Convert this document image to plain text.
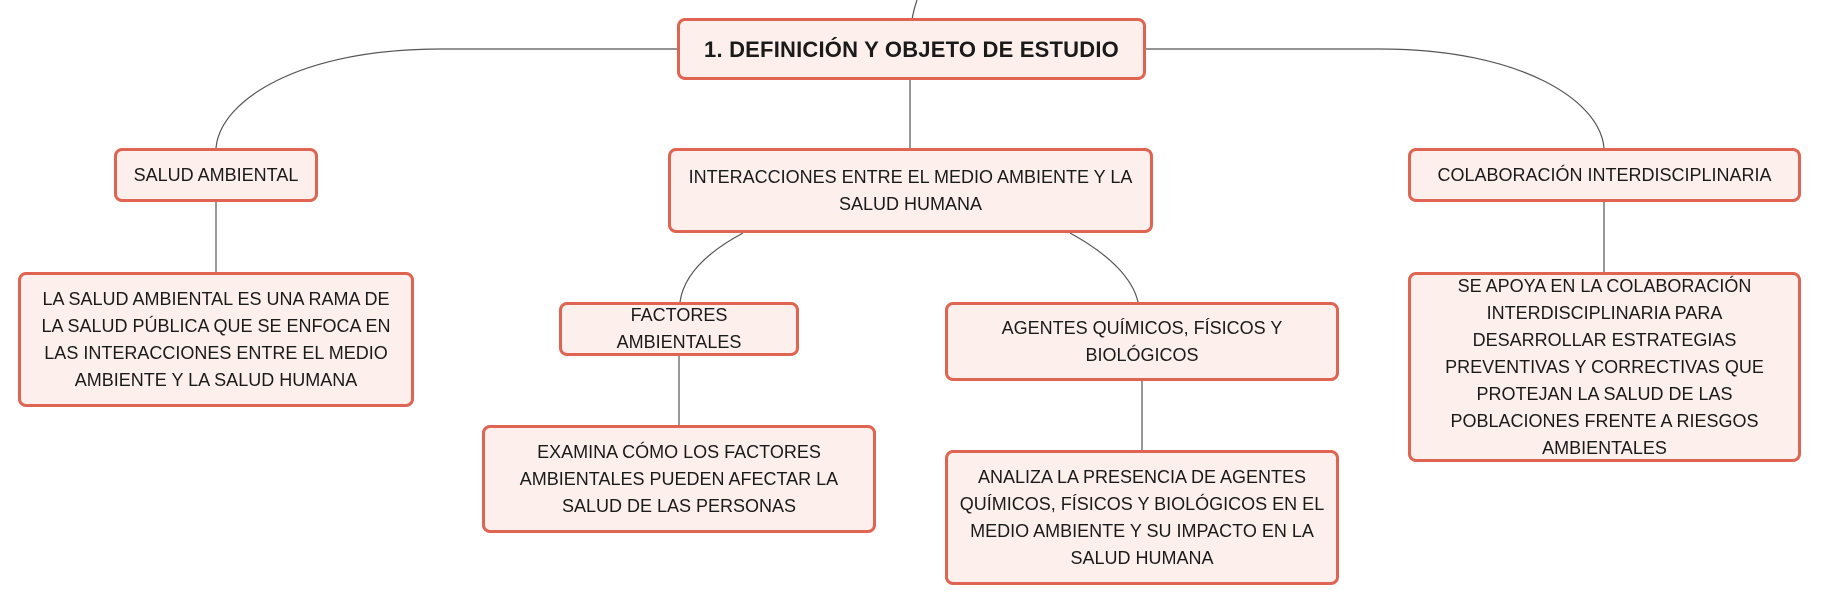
1. DEFINICIÓN Y OBJETO DE ESTUDIO
SALUD AMBIENTAL	INTERACCIONES ENTRE EL MEDIO AMBIENTE Y LA SALUD HUMANA
COLABORACIÓN INTERDISCIPLINARIA
LA SALUD AMBIENTAL ES UNA RAMA DE LA SALUD PÚBLICA QUE SE ENFOCA EN LAS INTERACCIONES ENTRE EL MEDIO AMBIENTE Y LA SALUD HUMANA
FACTORES AMBIENTALES
AGENTES QUÍMICOS, FÍSICOS Y BIOLÓGICOS
EXAMINA CÓMO LOS FACTORES AMBIENTALES PUEDEN AFECTAR LA SALUD DE LAS PERSONAS
ANALIZA LA PRESENCIA DE AGENTES QUÍMICOS, FÍSICOS Y BIOLÓGICOS EN EL MEDIO AMBIENTE Y SU IMPACTO EN LA SALUD HUMANA
SE APOYA EN LA COLABORACIÓN INTERDISCIPLINARIA PARA DESARROLLAR ESTRATEGIAS PREVENTIVAS Y CORRECTIVAS QUE PROTEJAN LA SALUD DE LAS POBLACIONES FRENTE A RIESGOS AMBIENTALES
